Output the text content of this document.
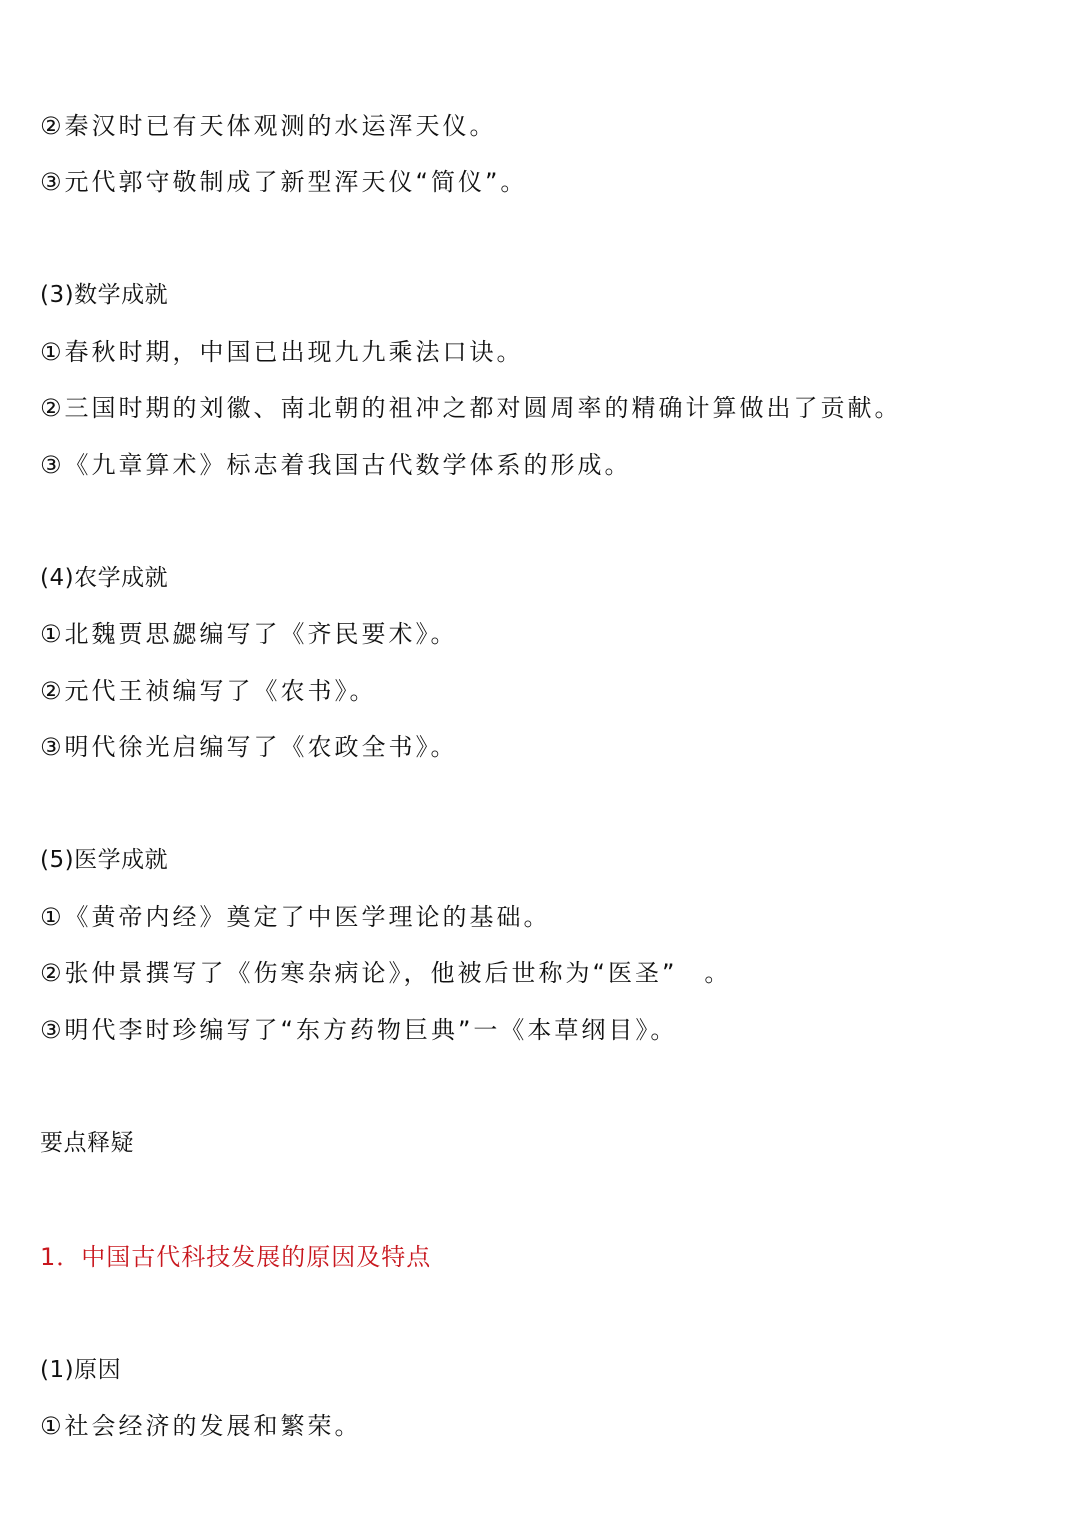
②秦汉时已有天体观测的水运浑天仪。
③元代郭守敬制成了新型浑天仪“简仪”。
(3)数学成就
①春秋时期，中国已出现九九乘法口诀。
②三国时期的刘徽、南北朝的祖冲之都对圆周率的精确计算做出了贡献。
③《九章算术》标志着我国古代数学体系的形成。
(4)农学成就
①北魏贾思勰编写了《齐民要术》。
②元代王祯编写了《农书》。
③明代徐光启编写了《农政全书》。
(5)医学成就
①《黄帝内经》奠定了中医学理论的基础。
②张仲景撰写了《伤寒杂病论》，他被后世称为“医圣”　。
③明代李时珍编写了“东方药物巨典”一《本草纲目》。
要点释疑
1．中国古代科技发展的原因及特点
(1)原因
①社会经济的发展和繁荣。
